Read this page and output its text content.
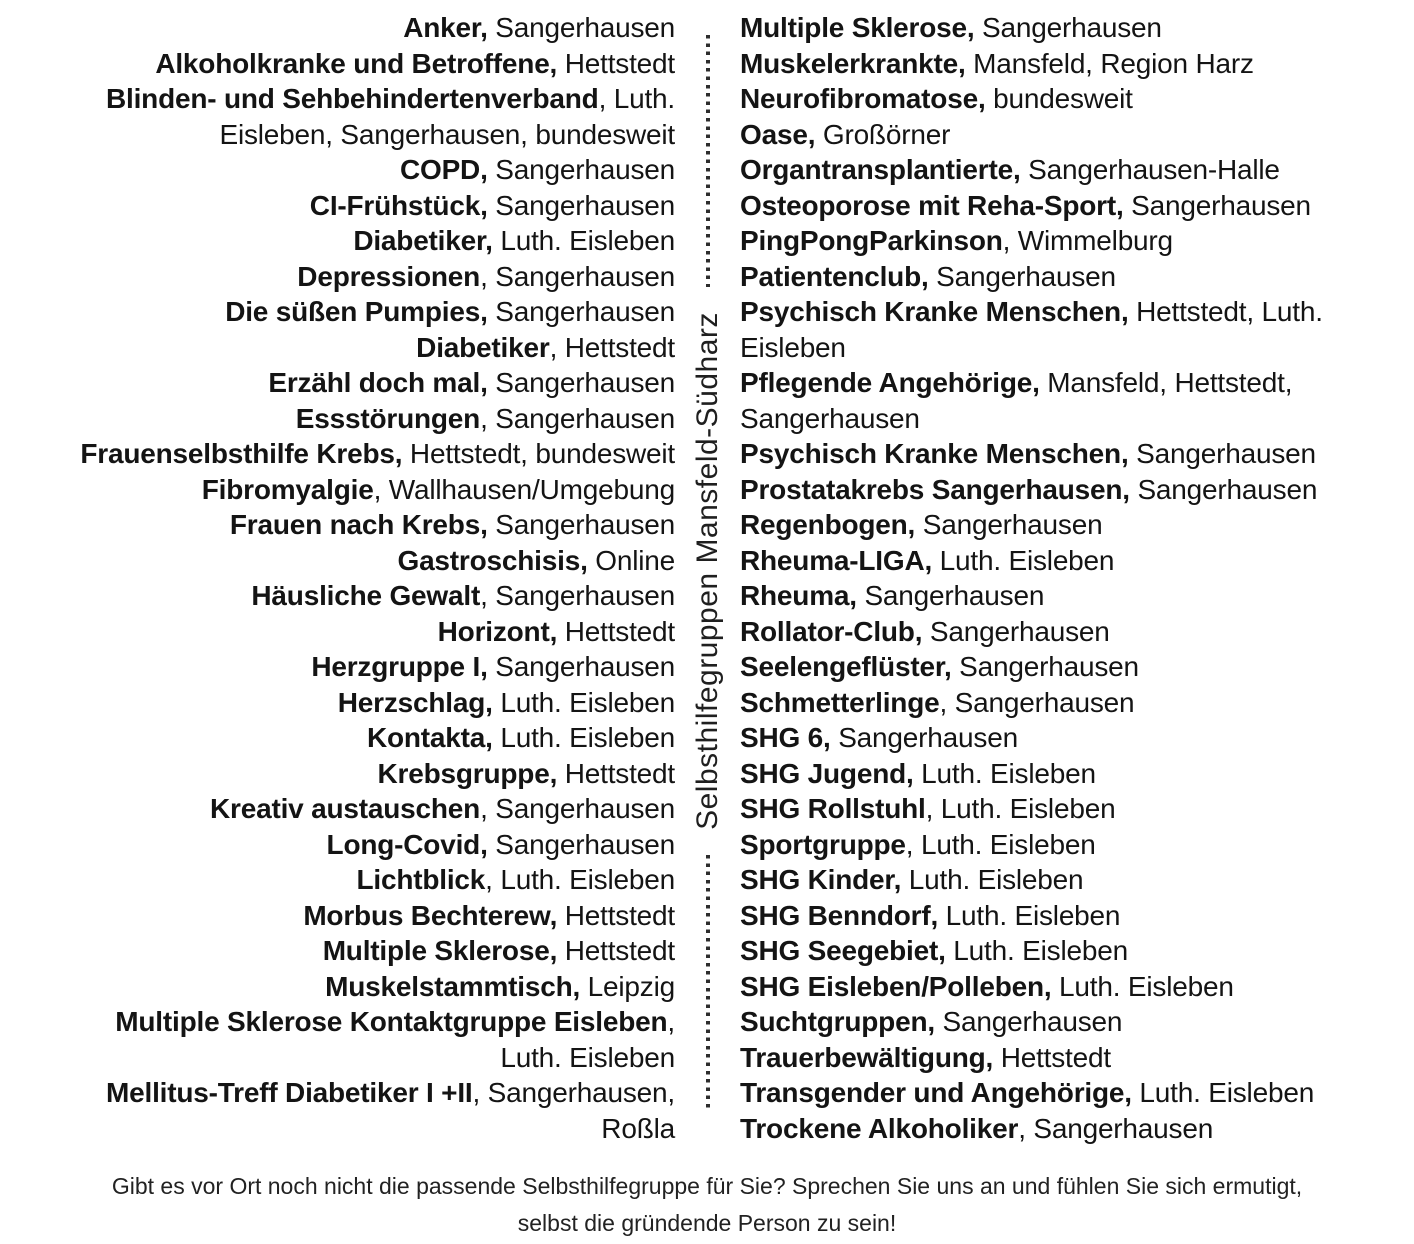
Anker, Sangerhausen
Alkoholkranke und Betroffene, Hettstedt
Blinden- und Sehbehindertenverband, Luth. Eisleben, Sangerhausen, bundesweit
COPD, Sangerhausen
CI-Frühstück, Sangerhausen
Diabetiker, Luth. Eisleben
Depressionen, Sangerhausen
Die süßen Pumpies, Sangerhausen
Diabetiker, Hettstedt
Erzähl doch mal, Sangerhausen
Essstörungen, Sangerhausen
Frauenselbsthilfe Krebs, Hettstedt, bundesweit
Fibromyalgie, Wallhausen/Umgebung
Frauen nach Krebs, Sangerhausen
Gastroschisis, Online
Häusliche Gewalt, Sangerhausen
Horizont, Hettstedt
Herzgruppe I, Sangerhausen
Herzschlag, Luth. Eisleben
Kontakta, Luth. Eisleben
Krebsgruppe, Hettstedt
Kreativ austauschen, Sangerhausen
Long-Covid, Sangerhausen
Lichtblick, Luth. Eisleben
Morbus Bechterew, Hettstedt
Multiple Sklerose, Hettstedt
Muskelstammtisch, Leipzig
Multiple Sklerose Kontaktgruppe Eisleben, Luth. Eisleben
Mellitus-Treff Diabetiker I +II, Sangerhausen, Roßla
Selbsthilfegruppen Mansfeld-Südharz
Multiple Sklerose, Sangerhausen
Muskelerkrankte, Mansfeld, Region Harz
Neurofibromatose, bundesweit
Oase, Großörner
Organtransplantierte, Sangerhausen-Halle
Osteoporose mit Reha-Sport, Sangerhausen
PingPongParkinson, Wimmelburg
Patientenclub, Sangerhausen
Psychisch Kranke Menschen, Hettstedt, Luth. Eisleben
Pflegende Angehörige, Mansfeld, Hettstedt, Sangerhausen
Psychisch Kranke Menschen, Sangerhausen
Prostatakrebs Sangerhausen, Sangerhausen
Regenbogen, Sangerhausen
Rheuma-LIGA, Luth. Eisleben
Rheuma, Sangerhausen
Rollator-Club, Sangerhausen
Seelengeflüster, Sangerhausen
Schmetterlinge, Sangerhausen
SHG 6, Sangerhausen
SHG Jugend, Luth. Eisleben
SHG Rollstuhl, Luth. Eisleben
Sportgruppe, Luth. Eisleben
SHG Kinder, Luth. Eisleben
SHG Benndorf, Luth. Eisleben
SHG Seegebiet, Luth. Eisleben
SHG Eisleben/Polleben, Luth. Eisleben
Suchtgruppen, Sangerhausen
Trauerbewältigung, Hettstedt
Transgender und Angehörige, Luth. Eisleben
Trockene Alkoholiker, Sangerhausen
Gibt es vor Ort noch nicht die passende Selbsthilfegruppe für Sie? Sprechen Sie uns an und fühlen Sie sich ermutigt, selbst die gründende Person zu sein!
